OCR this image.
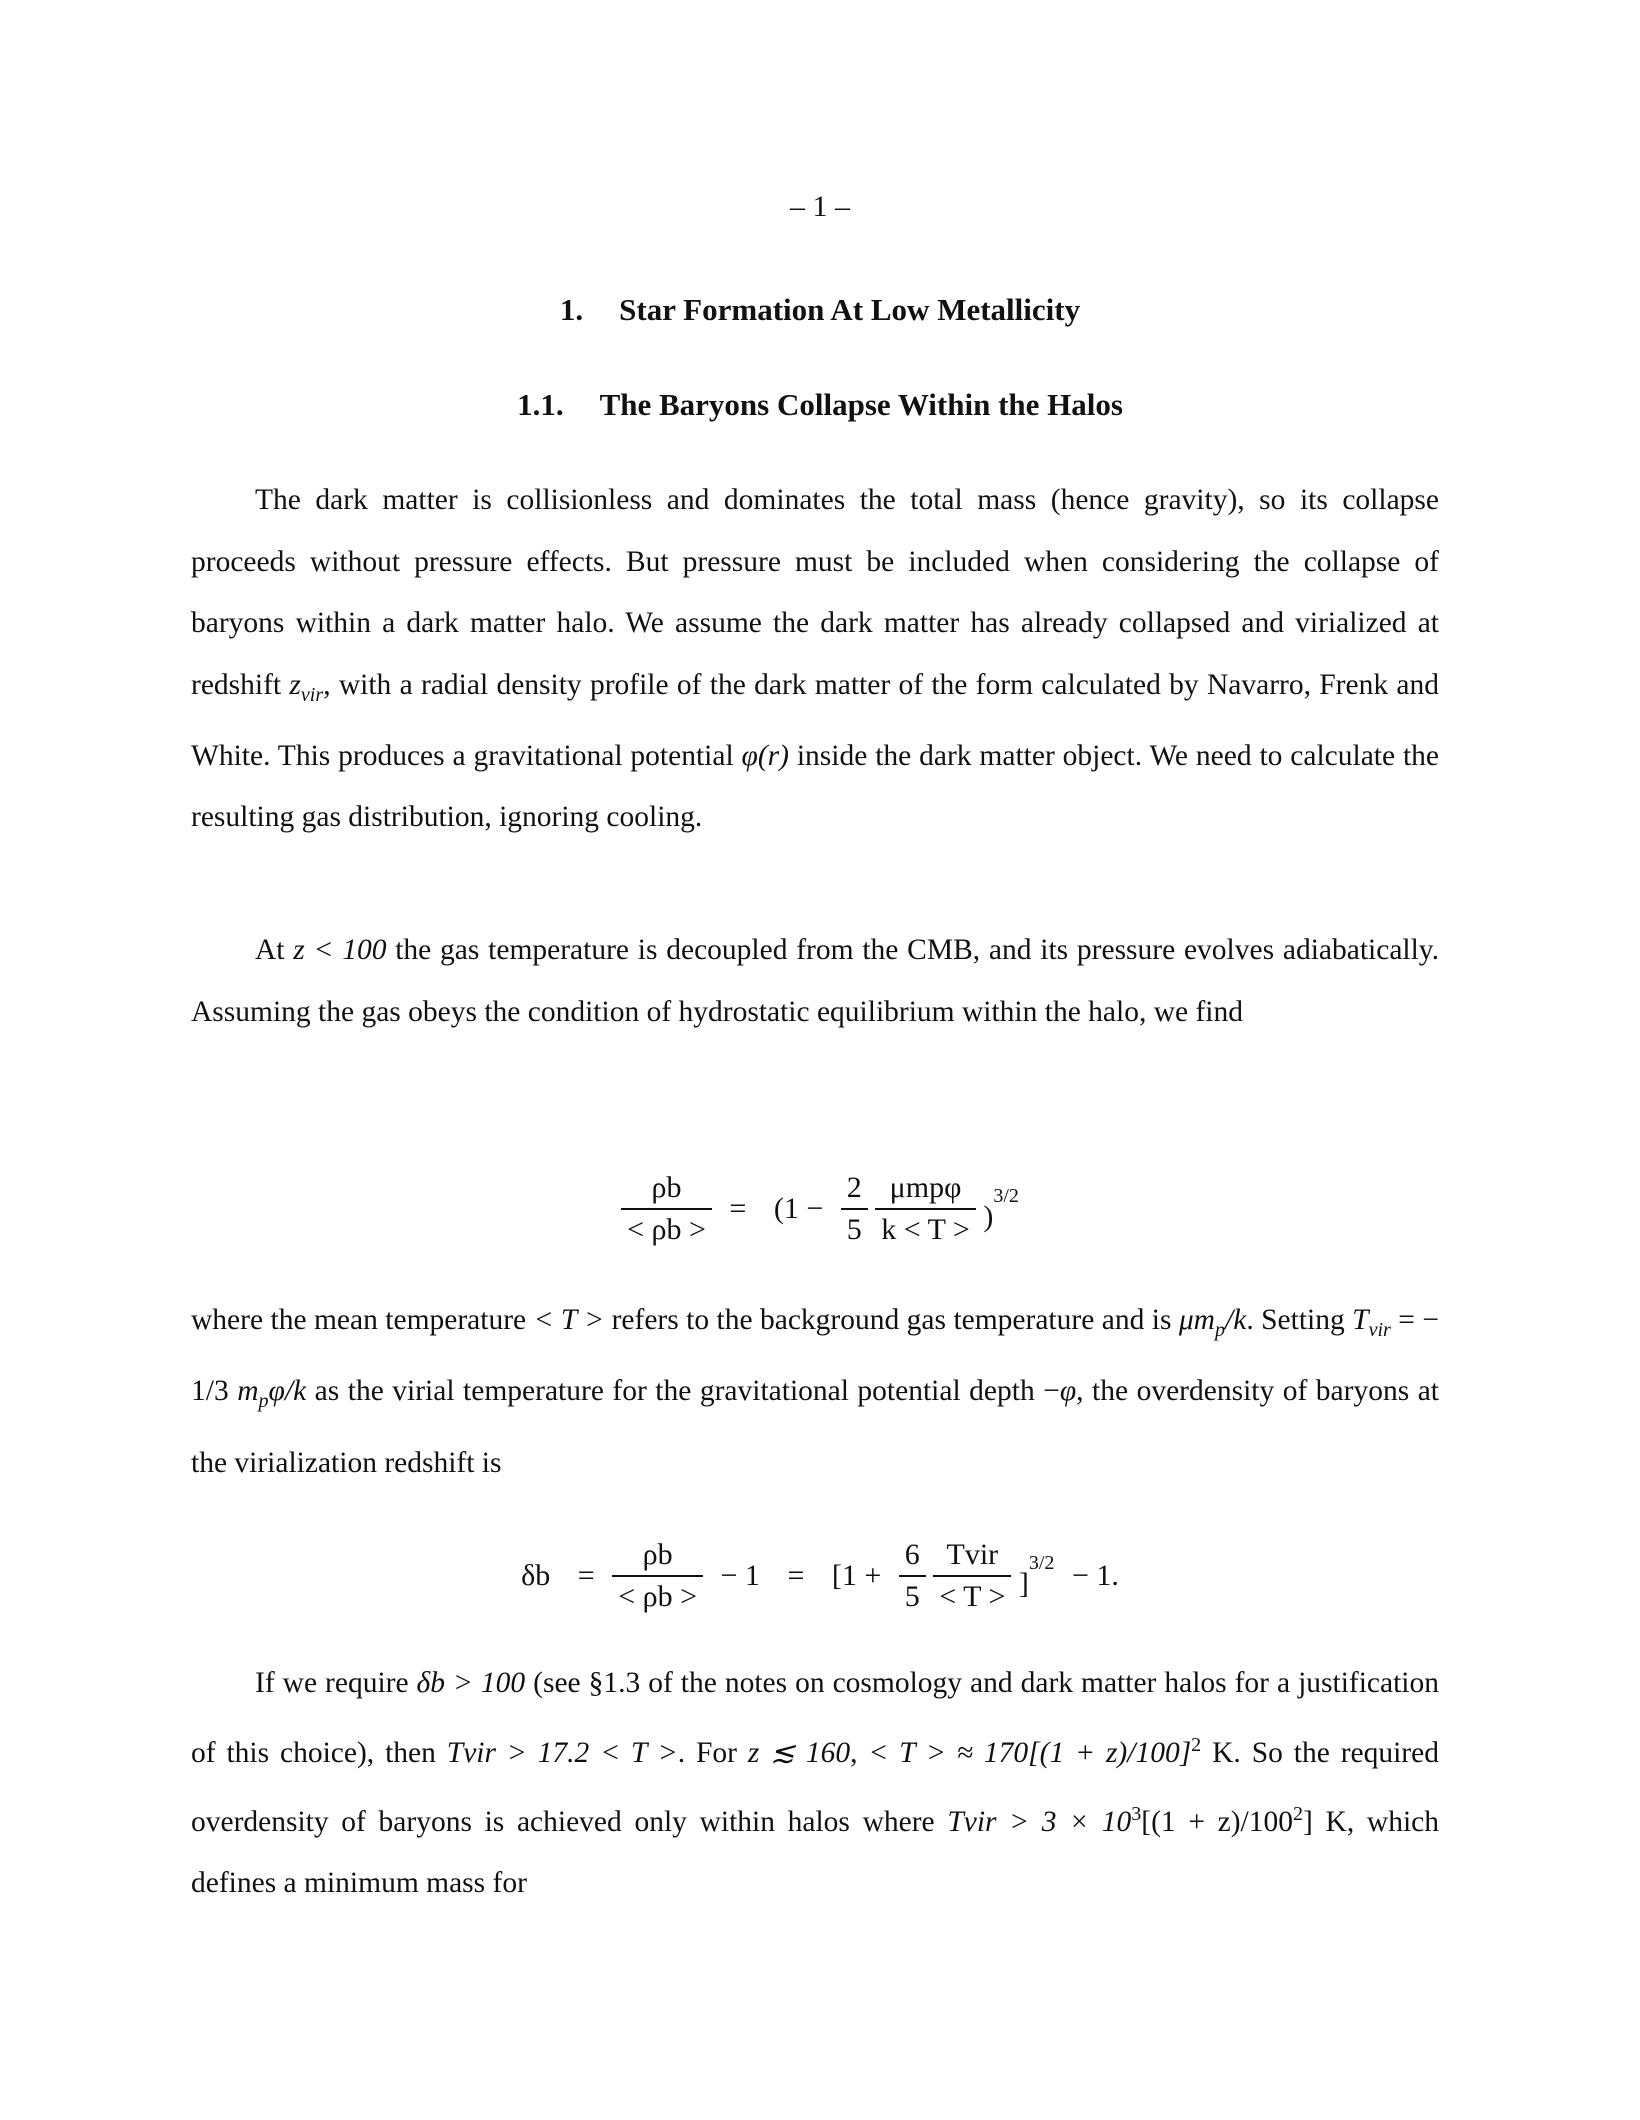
– 1 –
1. Star Formation At Low Metallicity
1.1. The Baryons Collapse Within the Halos
The dark matter is collisionless and dominates the total mass (hence gravity), so its collapse proceeds without pressure effects. But pressure must be included when considering the collapse of baryons within a dark matter halo. We assume the dark matter has already collapsed and virialized at redshift $z_{vir}$, with a radial density profile of the dark matter of the form calculated by Navarro, Frenk and White. This produces a gravitational potential φ(r) inside the dark matter object. We need to calculate the resulting gas distribution, ignoring cooling.
At z < 100 the gas temperature is decoupled from the CMB, and its pressure evolves adiabatically. Assuming the gas obeys the condition of hydrostatic equilibrium within the halo, we find
$\frac{\rho b}{< \rho b >} = (1 - \frac{2}{5}$
$\frac{\text{μmpφ}}{k < T >} )^{3/2}$
where the mean temperature < T > refers to the background gas temperature and is $\mu m_p/k$. Setting $T_{vir}$ = − 1/3 $m_p\varphi/k$ as the virial temperature for the gravitational potential depth −φ, the overdensity of baryons at the virialization redshift is
$\delta b = \frac{\rho b}{< \rho b >} - 1 = [1 + \frac{6}{5}$
$\frac{\text{Tvir}}{< T >} ]^{3/2} - 1$.
If we require δb > 100 (see §1.3 of the notes on cosmology and dark matter halos for a justification of this choice), then Tvir > 17.2 < T >. For z ≲ 160, < T > ≈ $170[(1 + z)/100]^2$ K. So the required overdensity of baryons is achieved only within halos where Tvir > $3 \times 10^3[(1 + z)/100^2]$ K, which defines a minimum mass for
